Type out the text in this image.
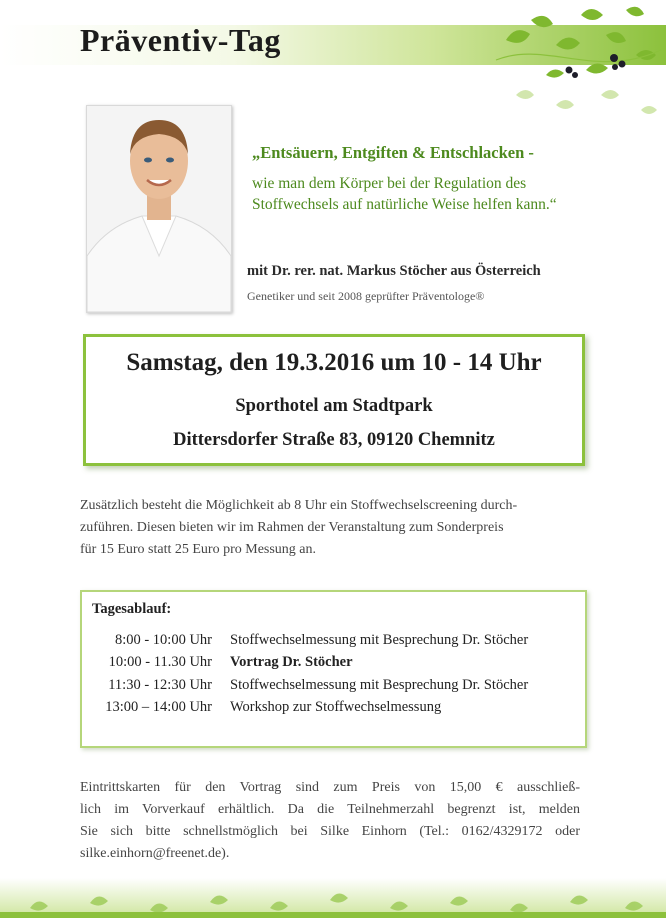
Präventiv-Tag

„Entsäuern, Entgiften & Entschlacken -

wie man dem Körper bei der Regulation des

Stoffwechsels auf natürliche Weise helfen kann.“

mit Dr. rer. nat. Markus Stöcher aus Österreich

Genetiker und seit 2008 geprüfter Präventologe®

Samstag, den 19.3.2016 um 10 - 14 Uhr

Sporthotel am Stadtpark

Dittersdorfer Straße 83, 09120 Chemnitz

Zusätzlich besteht die Möglichkeit ab 8 Uhr ein Stoffwechselscreening durch-
zuführen. Diesen bieten wir im Rahmen der Veranstaltung zum Sonderpreis
für 15 Euro statt 25 Euro pro Messung an.

Tagesablauf:

8:00 - 10:00 Uhr Stoffwechselmessung mit Besprechung Dr. Stöcher
10:00 - 11.30 Uhr Vortrag Dr. Stöcher
11:30 - 12:30 Uhr Stoffwechselmessung mit Besprechung Dr. Stöcher
13:00 – 14:00 Uhr Workshop zur Stoffwechselmessung

Eintrittskarten für den Vortrag sind zum Preis von 15,00 € ausschließ-
lich im Vorverkauf erhältlich. Da die Teilnehmerzahl begrenzt ist, melden
Sie sich bitte schnellstmöglich bei Silke Einhorn (Tel.: 0162/4329172 oder
silke.einhorn@freenet.de).
